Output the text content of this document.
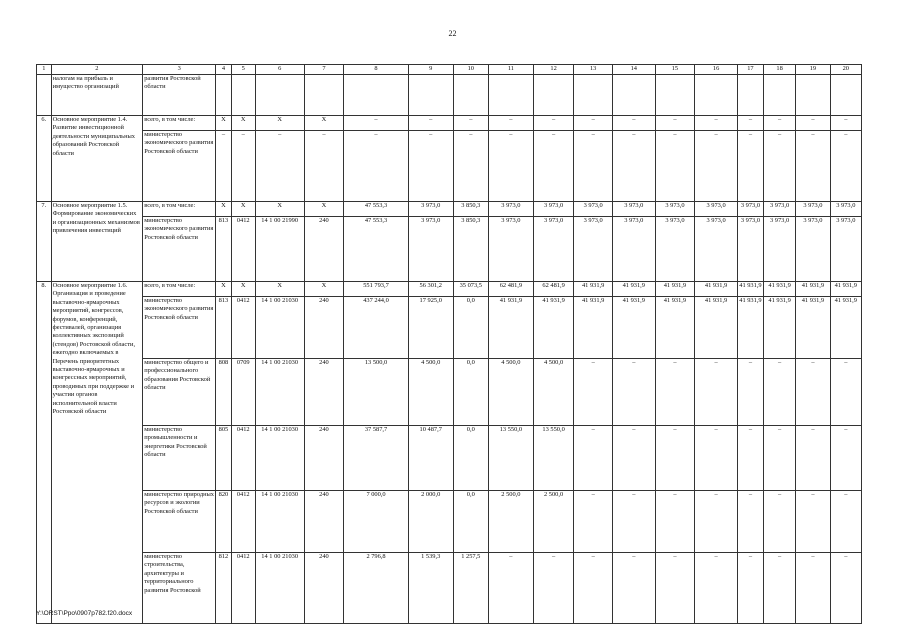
22
1	2	3	4	5	6	7	8	9	10	11	12	13	14	15	16	17	18	19	20
	налогам на прибыль и имущество организаций	развития Ростовской области																	
6.	Основное мероприятие 1.4. Развитие инвестиционной деятельности муниципальных образований Ростовской области	всего, в том числе:	Х	Х	Х	Х	–	–	–	–	–	–	–	–	–	–	–	–	–
		министерство экономического развития Ростовской области	–	–	–	–	–	–	–	–	–	–	–	–	–	–	–	–	–
7.	Основное мероприятие 1.5. Формирование экономических и организационных механизмов привлечения инвестиций	всего, в том числе:	Х	Х	Х	Х	47 553,3	3 973,0	3 850,3	3 973,0	3 973,0	3 973,0	3 973,0	3 973,0	3 973,0	3 973,0	3 973,0	3 973,0	3 973,0
		министерство экономического развития Ростовской области	813	0412	14 1 00 21990	240	47 553,3	3 973,0	3 850,3	3 973,0	3 973,0	3 973,0	3 973,0	3 973,0	3 973,0	3 973,0	3 973,0	3 973,0	3 973,0
8.	Основное мероприятие 1.6. Организация и проведение выставочно-ярмарочных мероприятий, конгрессов, форумов, конференций, фестивалей, организация коллективных экспозиций (стендов) Ростовской области, ежегодно включаемых в Перечень приоритетных выставочно-ярмарочных и конгрессных мероприятий, проводимых при поддержке и участии органов исполнительной власти Ростовской области	всего, в том числе:	Х	Х	Х	Х	551 793,7	56 301,2	35 073,5	62 481,9	62 481,9	41 931,9	41 931,9	41 931,9	41 931,9	41 931,9	41 931,9	41 931,9	41 931,9
		министерство экономического развития Ростовской области	813	0412	14 1 00 21030	240	437 244,0	17 925,0	0,0	41 931,9	41 931,9	41 931,9	41 931,9	41 931,9	41 931,9	41 931,9	41 931,9	41 931,9	41 931,9
		министерство общего и профессионального образования Ростовской области	808	0709	14 1 00 21030	240	13 500,0	4 500,0	0,0	4 500,0	4 500,0	–	–	–	–	–	–	–	–
		министерство промышленности и энергетики Ростовской области	805	0412	14 1 00 21030	240	37 587,7	10 487,7	0,0	13 550,0	13 550,0	–	–	–	–	–	–	–	–
		министерство природных ресурсов и экологии Ростовской области	820	0412	14 1 00 21030	240	7 000,0	2 000,0	0,0	2 500,0	2 500,0	–	–	–	–	–	–	–	–
		министерство строительства, архитектуры и территориального развития Ростовской	812	0412	14 1 00 21030	240	2 796,8	1 539,3	1 257,5	–	–	–	–	–	–	–	–	–	–
Y:\ORST\Ppo\0907p782.f20.docx
